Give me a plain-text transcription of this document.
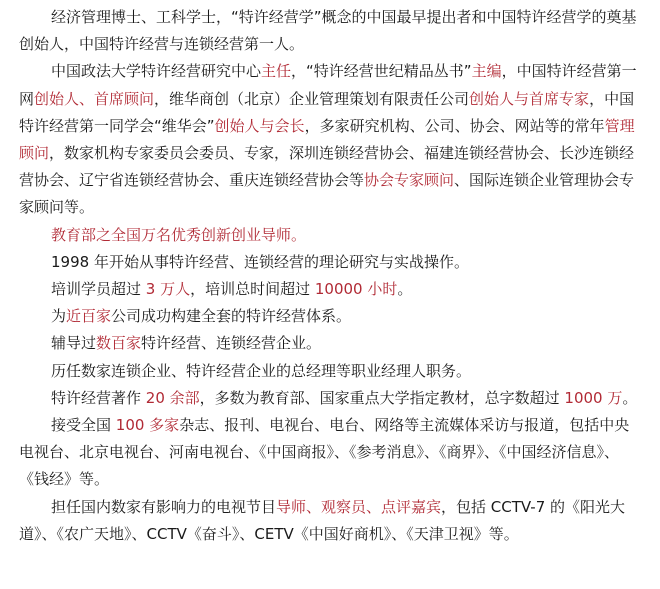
经济管理博士、工科学士，“特许经营学”概念的中国最早提出者和中国特许经营学的奠基创始人，中国特许经营与连锁经营第一人。

中国政法大学特许经营研究中心主任，“特许经营世纪精品丛书”主编，中国特许经营第一网创始人、首席顾问，维华商创（北京）企业管理策划有限责任公司创始人与首席专家，中国特许经营第一同学会“维华会”创始人与会长，多家研究机构、公司、协会、网站等的常年管理顾问，数家机构专家委员会委员、专家，深圳连锁经营协会、福建连锁经营协会、长沙连锁经营协会、辽宁省连锁经营协会、重庆连锁经营协会等协会专家顾问、国际连锁企业管理协会专家顾问等。

教育部之全国万名优秀创新创业导师。

1998 年开始从事特许经营、连锁经营的理论研究与实战操作。

培训学员超过 3 万人，培训总时间超过 10000 小时。

为近百家公司成功构建全套的特许经营体系。

辅导过数百家特许经营、连锁经营企业。

历任数家连锁企业、特许经营企业的总经理等职业经理人职务。

特许经营著作 20 余部，多数为教育部、国家重点大学指定教材，总字数超过 1000 万。

接受全国 100 多家杂志、报刊、电视台、电台、网络等主流媒体采访与报道，包括中央电视台、北京电视台、河南电视台、《中国商报》、《参考消息》、《商界》、《中国经济信息》、《钱经》等。

担任国内数家有影响力的电视节目导师、观察员、点评嘉宾，包括 CCTV-7 的《阳光大道》、《农广天地》、CCTV《奋斗》、CETV《中国好商机》、《天津卫视》等。
